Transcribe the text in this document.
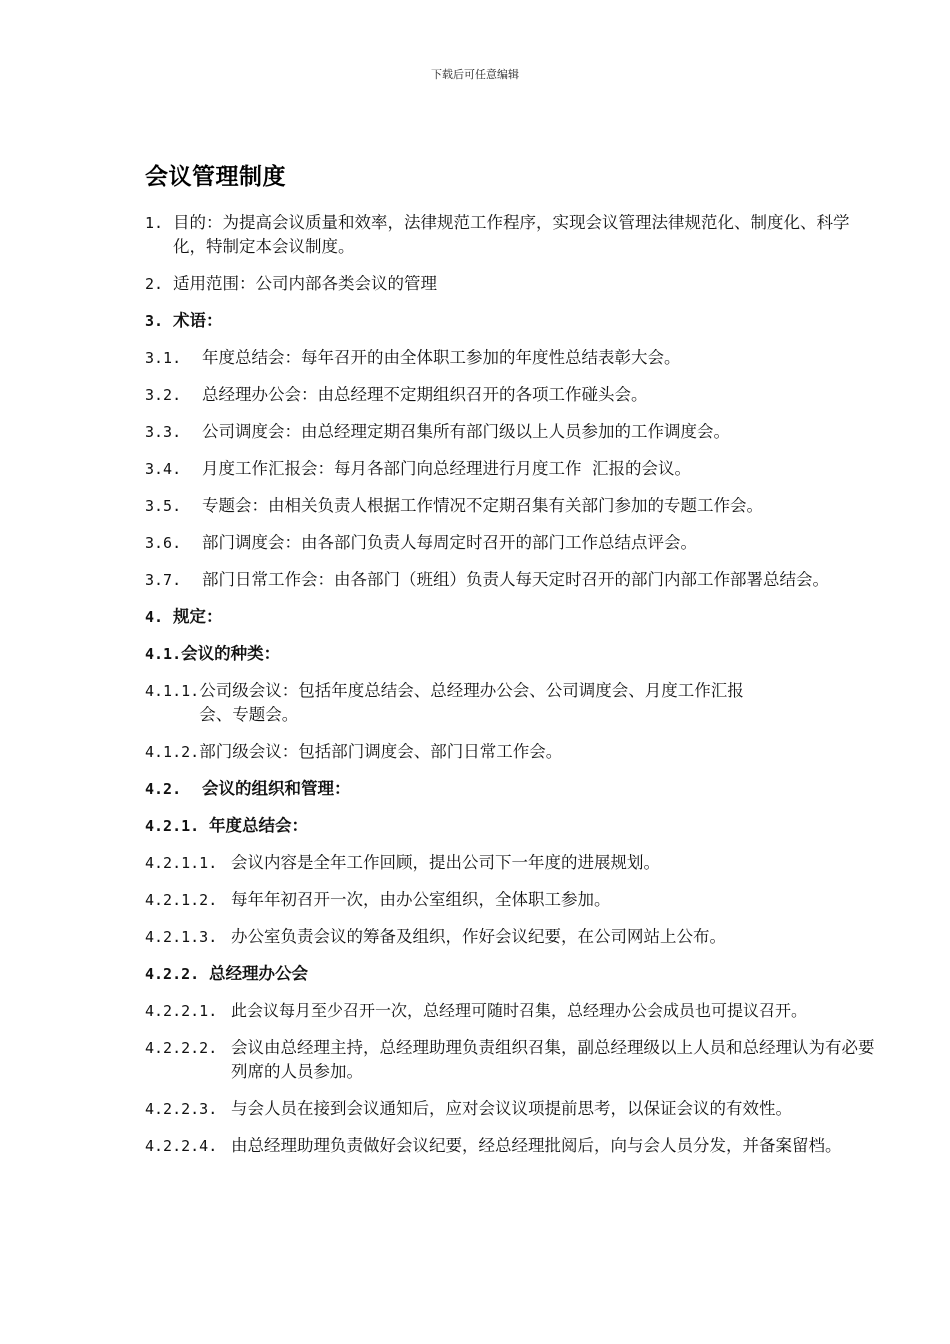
下载后可任意编辑
会议管理制度
1. 目的：为提高会议质量和效率，法律规范工作程序，实现会议管理法律规范化、制度化、科学化，特制定本会议制度。
2. 适用范围：公司内部各类会议的管理
3. 术语：
3.1.	年度总结会：每年召开的由全体职工参加的年度性总结表彰大会。
3.2.	总经理办公会：由总经理不定期组织召开的各项工作碰头会。
3.3.	公司调度会：由总经理定期召集所有部门级以上人员参加的工作调度会。
3.4.	月度工作汇报会：每月各部门向总经理进行月度工作  汇报的会议。
3.5.	专题会：由相关负责人根据工作情况不定期召集有关部门参加的专题工作会。
3.6.	部门调度会：由各部门负责人每周定时召开的部门工作总结点评会。
3.7.	部门日常工作会：由各部门（班组）负责人每天定时召开的部门内部工作部署总结会。
4. 规定：
4.1. 会议的种类：
4.1.1. 公司级会议：包括年度总结会、总经理办公会、公司调度会、月度工作汇报会、专题会。
4.1.2. 部门级会议：包括部门调度会、部门日常工作会。
4.2.	会议的组织和管理：
4.2.1. 年度总结会：
4.2.1.1. 会议内容是全年工作回顾，提出公司下一年度的进展规划。
4.2.1.2. 每年年初召开一次，由办公室组织，全体职工参加。
4.2.1.3. 办公室负责会议的筹备及组织，作好会议纪要，在公司网站上公布。
4.2.2. 总经理办公会
4.2.2.1. 此会议每月至少召开一次，总经理可随时召集，总经理办公会成员也可提议召开。
4.2.2.2. 会议由总经理主持，总经理助理负责组织召集，副总经理级以上人员和总经理认为有必要列席的人员参加。
4.2.2.3. 与会人员在接到会议通知后，应对会议议项提前思考，以保证会议的有效性。
4.2.2.4. 由总经理助理负责做好会议纪要，经总经理批阅后，向与会人员分发，并备案留档。
